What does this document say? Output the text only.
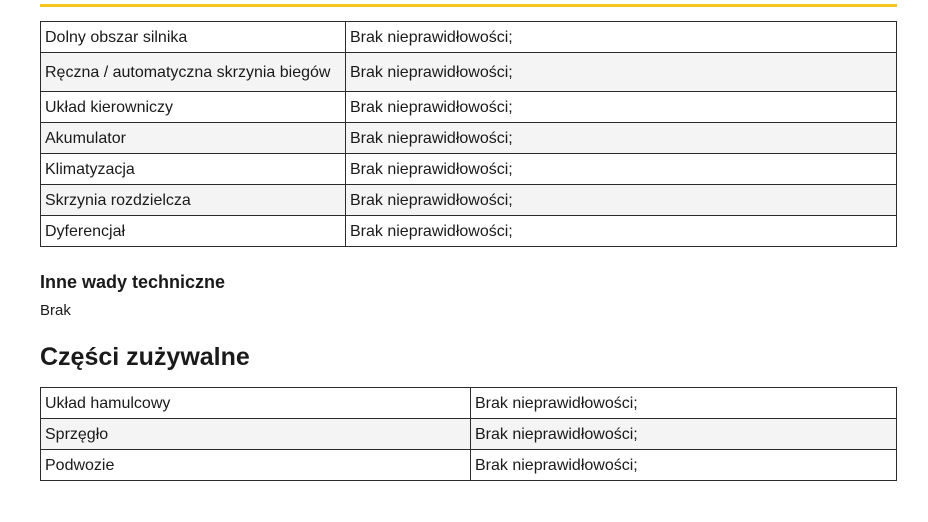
Dolny obszar silnika	Brak nieprawidłowości;
Ręczna / automatyczna skrzynia biegów	Brak nieprawidłowości;
Układ kierowniczy	Brak nieprawidłowości;
Akumulator	Brak nieprawidłowości;
Klimatyzacja	Brak nieprawidłowości;
Skrzynia rozdzielcza	Brak nieprawidłowości;
Dyferencjał	Brak nieprawidłowości;
Inne wady techniczne

Brak

Części zużywalne
Układ hamulcowy	Brak nieprawidłowości;
Sprzęgło	Brak nieprawidłowości;
Podwozie	Brak nieprawidłowości;
